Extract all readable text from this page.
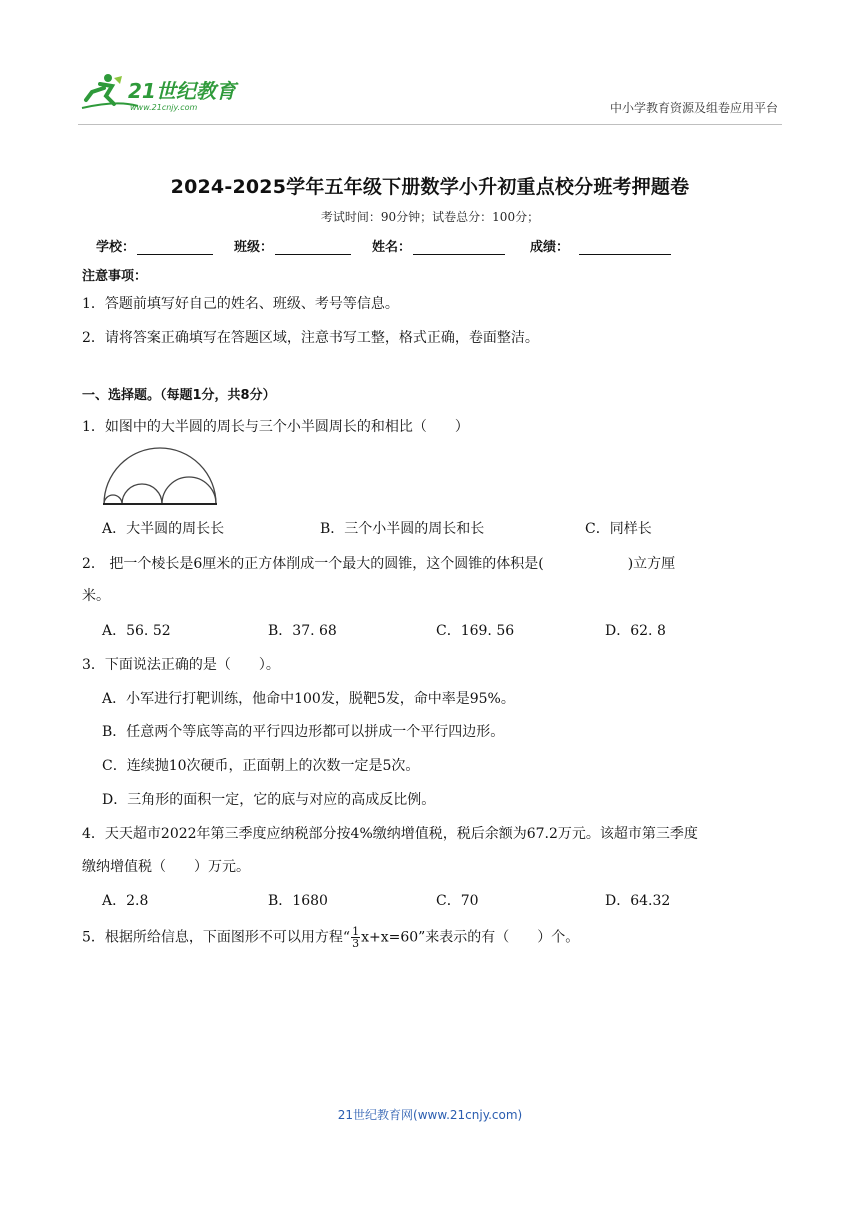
21世纪教育
www.21cnjy.com	中小学教育资源及组卷应用平台
2024-2025学年五年级下册数学小升初重点校分班考押题卷
考试时间：90分钟；试卷总分：100分；
学校：	班级：	姓名：	成绩：
注意事项：
1．答题前填写好自己的姓名、班级、考号等信息。
2．请将答案正确填写在答题区域，注意书写工整，格式正确，卷面整洁。
一、选择题。（每题1分，共8分）
1．如图中的大半圆的周长与三个小半圆周长的和相比（　　）
A．大半圆的周长长	B．三个小半圆的周长和长	C．同样长
2． 把一个棱长是6厘米的正方体削成一个最大的圆锥，这个圆锥的体积是(　　　　　　)立方厘
米。
A．56. 52	B．37. 68	C．169. 56	D．62. 8
3．下面说法正确的是（　　）。
A．小军进行打靶训练，他命中100发，脱靶5发，命中率是95%。
B．任意两个等底等高的平行四边形都可以拼成一个平行四边形。
C．连续抛10次硬币，正面朝上的次数一定是5次。
D．三角形的面积一定，它的底与对应的高成反比例。
4．天天超市2022年第三季度应纳税部分按4%缴纳增值税，税后余额为67.2万元。该超市第三季度
缴纳增值税（　　）万元。
A．2.8	B．1680	C．70	D．64.32
5．根据所给信息，下面图形不可以用方程“ $\frac{1}{3} x+x=60$”来表示的有（　　）个。
21世纪教育网(www.21cnjy.com)
